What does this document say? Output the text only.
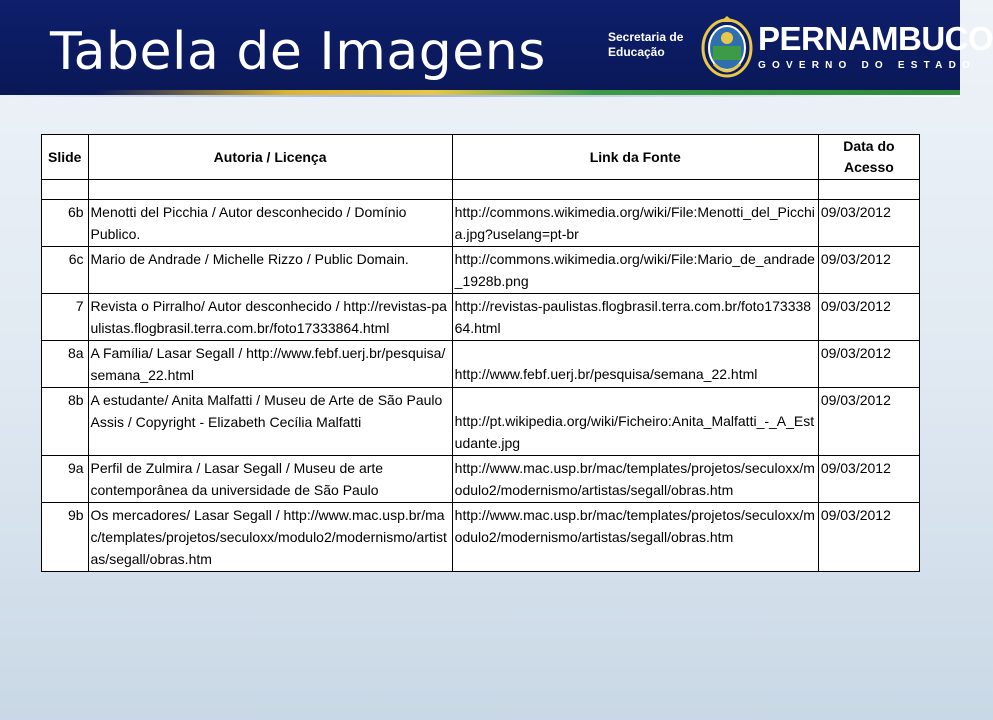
Tabela de Imagens	Secretaria de Educação	PERNAMBUCO
GOVERNO DO ESTADO
Slide	Autoria / Licença	Link da Fonte	Data do Acesso

6b	Menotti del Picchia / Autor desconhecido / Domínio Publico.	http://commons.wikimedia.org/wiki/File:Menotti_del_Picchia.jpg?uselang=pt-br	09/03/2012
6c	Mario de Andrade / Michelle Rizzo / Public Domain.	http://commons.wikimedia.org/wiki/File:Mario_de_andrade_1928b.png	09/03/2012
7	Revista o Pirralho/ Autor desconhecido / http://revistas-paulistas.flogbrasil.terra.com.br/foto17333864.html	http://revistas-paulistas.flogbrasil.terra.com.br/foto17333864.html	09/03/2012
8a	A Família/ Lasar Segall / http://www.febf.uerj.br/pesquisa/semana_22.html	http://www.febf.uerj.br/pesquisa/semana_22.html	09/03/2012
8b	A estudante/ Anita Malfatti / Museu de Arte de São Paulo Assis / Copyright - Elizabeth Cecília Malfatti	http://pt.wikipedia.org/wiki/Ficheiro:Anita_Malfatti_-_A_Estudante.jpg	09/03/2012
9a	Perfil de Zulmira / Lasar Segall / Museu de arte contemporânea da universidade de São Paulo	http://www.mac.usp.br/mac/templates/projetos/seculoxx/modulo2/modernismo/artistas/segall/obras.htm	09/03/2012
9b	Os mercadores/ Lasar Segall / http://www.mac.usp.br/mac/templates/projetos/seculoxx/modulo2/modernismo/artistas/segall/obras.htm	http://www.mac.usp.br/mac/templates/projetos/seculoxx/modulo2/modernismo/artistas/segall/obras.htm	09/03/2012
